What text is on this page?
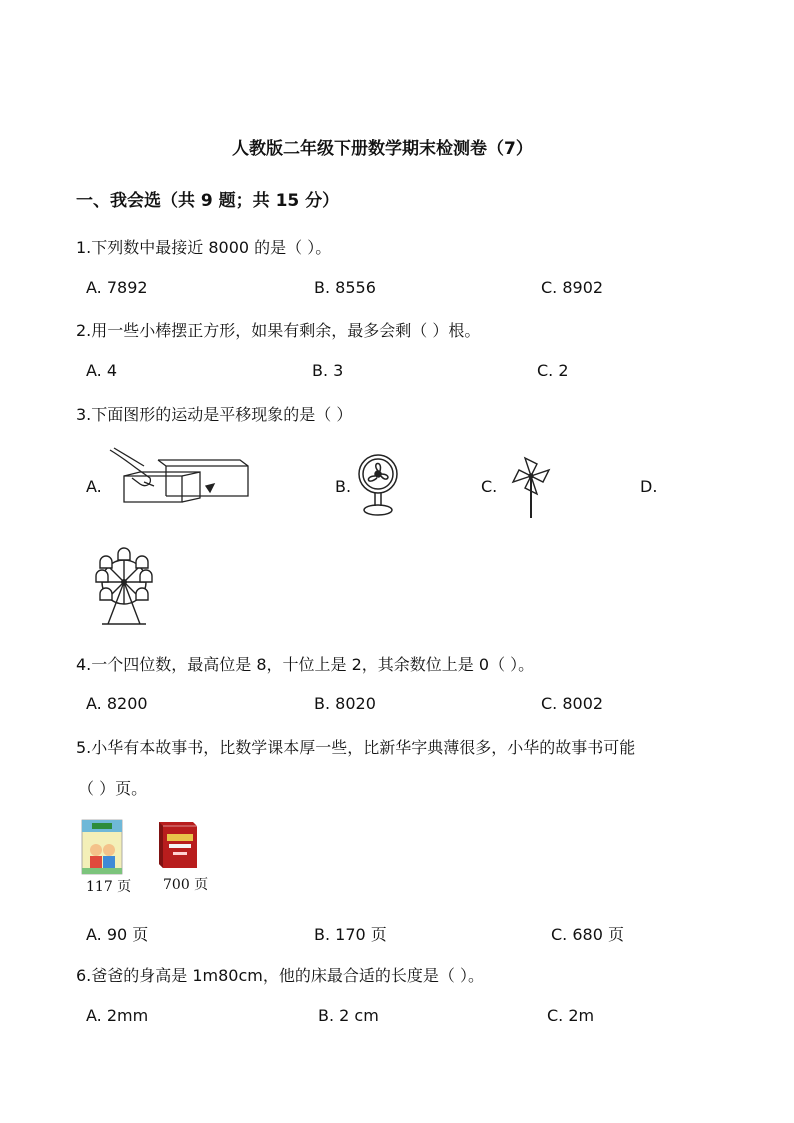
人教版二年级下册数学期末检测卷（7）
一、我会选（共 9 题；共 15 分）
1.下列数中最接近 8000 的是（ ）。
A. 7892	B. 8556	C. 8902
2.用一些小棒摆正方形，如果有剩余，最多会剩（ ）根。
A. 4	B. 3	C. 2
3.下面图形的运动是平移现象的是（ ）
A.	B.	C.	D.
4.一个四位数，最高位是 8，十位上是 2，其余数位上是 0（ ）。
A. 8200	B. 8020	C. 8002
5.小华有本故事书，比数学课本厚一些，比新华字典薄很多，小华的故事书可能
（ ）页。
117 页 700 页
A. 90 页	B. 170 页	C. 680 页
6.爸爸的身高是 1m80cm，他的床最合适的长度是（ ）。
A. 2mm	B. 2 cm	C. 2m
